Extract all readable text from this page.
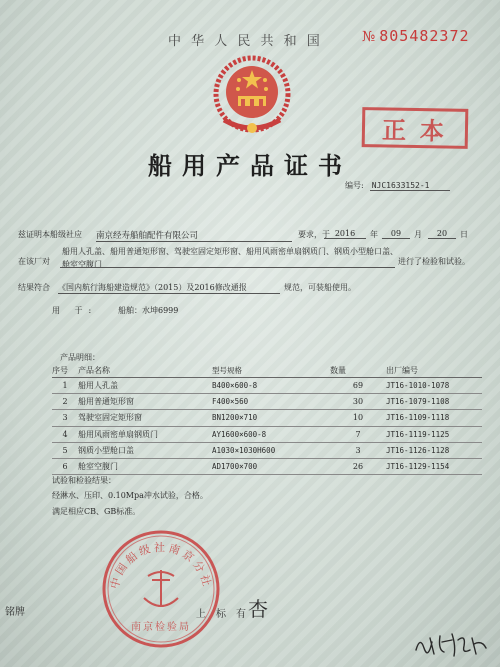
中 华 人 民 共 和 国	№ 805482372
正本
船用产品证书
编号: NJC1633152-1
兹证明本船级社应 南京经寿船舶配件有限公司	要求，于 2016	年	09	月	20	日
船用人孔盖、船用普通矩形窗、驾驶室固定矩形窗、船用风雨密单扇钢质门、钢质小型舱口盖、舱室空腹门
在该厂对	进行了检验和试验。
结果符合 《国内航行海船建造规范》（2015）及2016修改通报	规范，可装船使用。
用 于:	船舶：水坤6999
产品明细：
序号	产品名称	型号规格	数量	出厂编号
1	船用人孔盖	B400×600-8	69	JT16-1010-1078
2	船用普通矩形窗	F400×560	30	JT16-1079-1108
3	驾驶室固定矩形窗	BN1200×710	10	JT16-1109-1118
4	船用风雨密单扇钢质门	AY1600×600-8	7	JT16-1119-1125
5	钢质小型舱口盖	A1030×1030H600	3	JT16-1126-1128
6	舱室空腹门	AD1700×700	26	JT16-1129-1154
试验和检验结果：
经淋水、压印、0.10Mpa冲水试验，合格。
满足相应CB、GB标准。
中国船级社南京分社
南京检验局
铭牌	上标有
杏
